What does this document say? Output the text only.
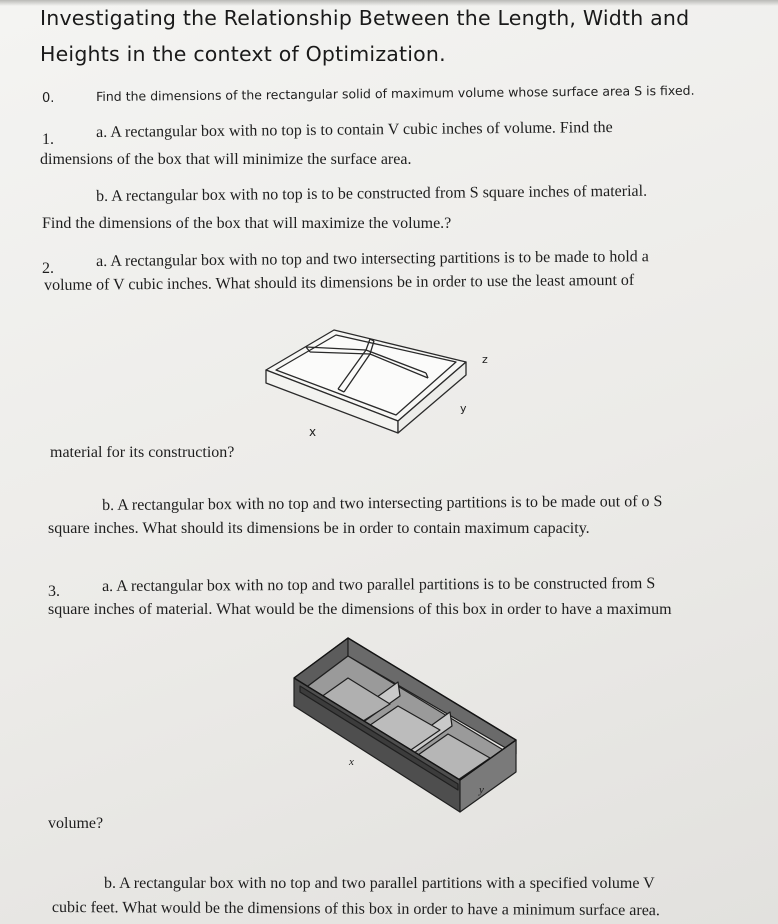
Investigating the Relationship Between the Length, Width and
Heights in the context of Optimization.
0.	Find the dimensions of the rectangular solid of maximum volume whose surface area S is fixed.
1.	a. A rectangular box with no top is to contain V cubic inches of volume. Find the
dimensions of the box that will minimize the surface area.
b. A rectangular box with no top is to be constructed from S square inches of material.
Find the dimensions of the box that will maximize the volume.?
2.	a. A rectangular box with no top and two intersecting partitions is to be made to hold a
volume of V cubic inches. What should its dimensions be in order to use the least amount of
z
y
x
material for its construction?
b. A rectangular box with no top and two intersecting partitions is to be made out of o S
square inches. What should its dimensions be in order to contain maximum capacity.
3.	a. A rectangular box with no top and two parallel partitions is to be constructed from S
square inches of material. What would be the dimensions of this box in order to have a maximum
x
y
volume?
b. A rectangular box with no top and two parallel partitions with a specified volume V
cubic feet. What would be the dimensions of this box in order to have a minimum surface area.
